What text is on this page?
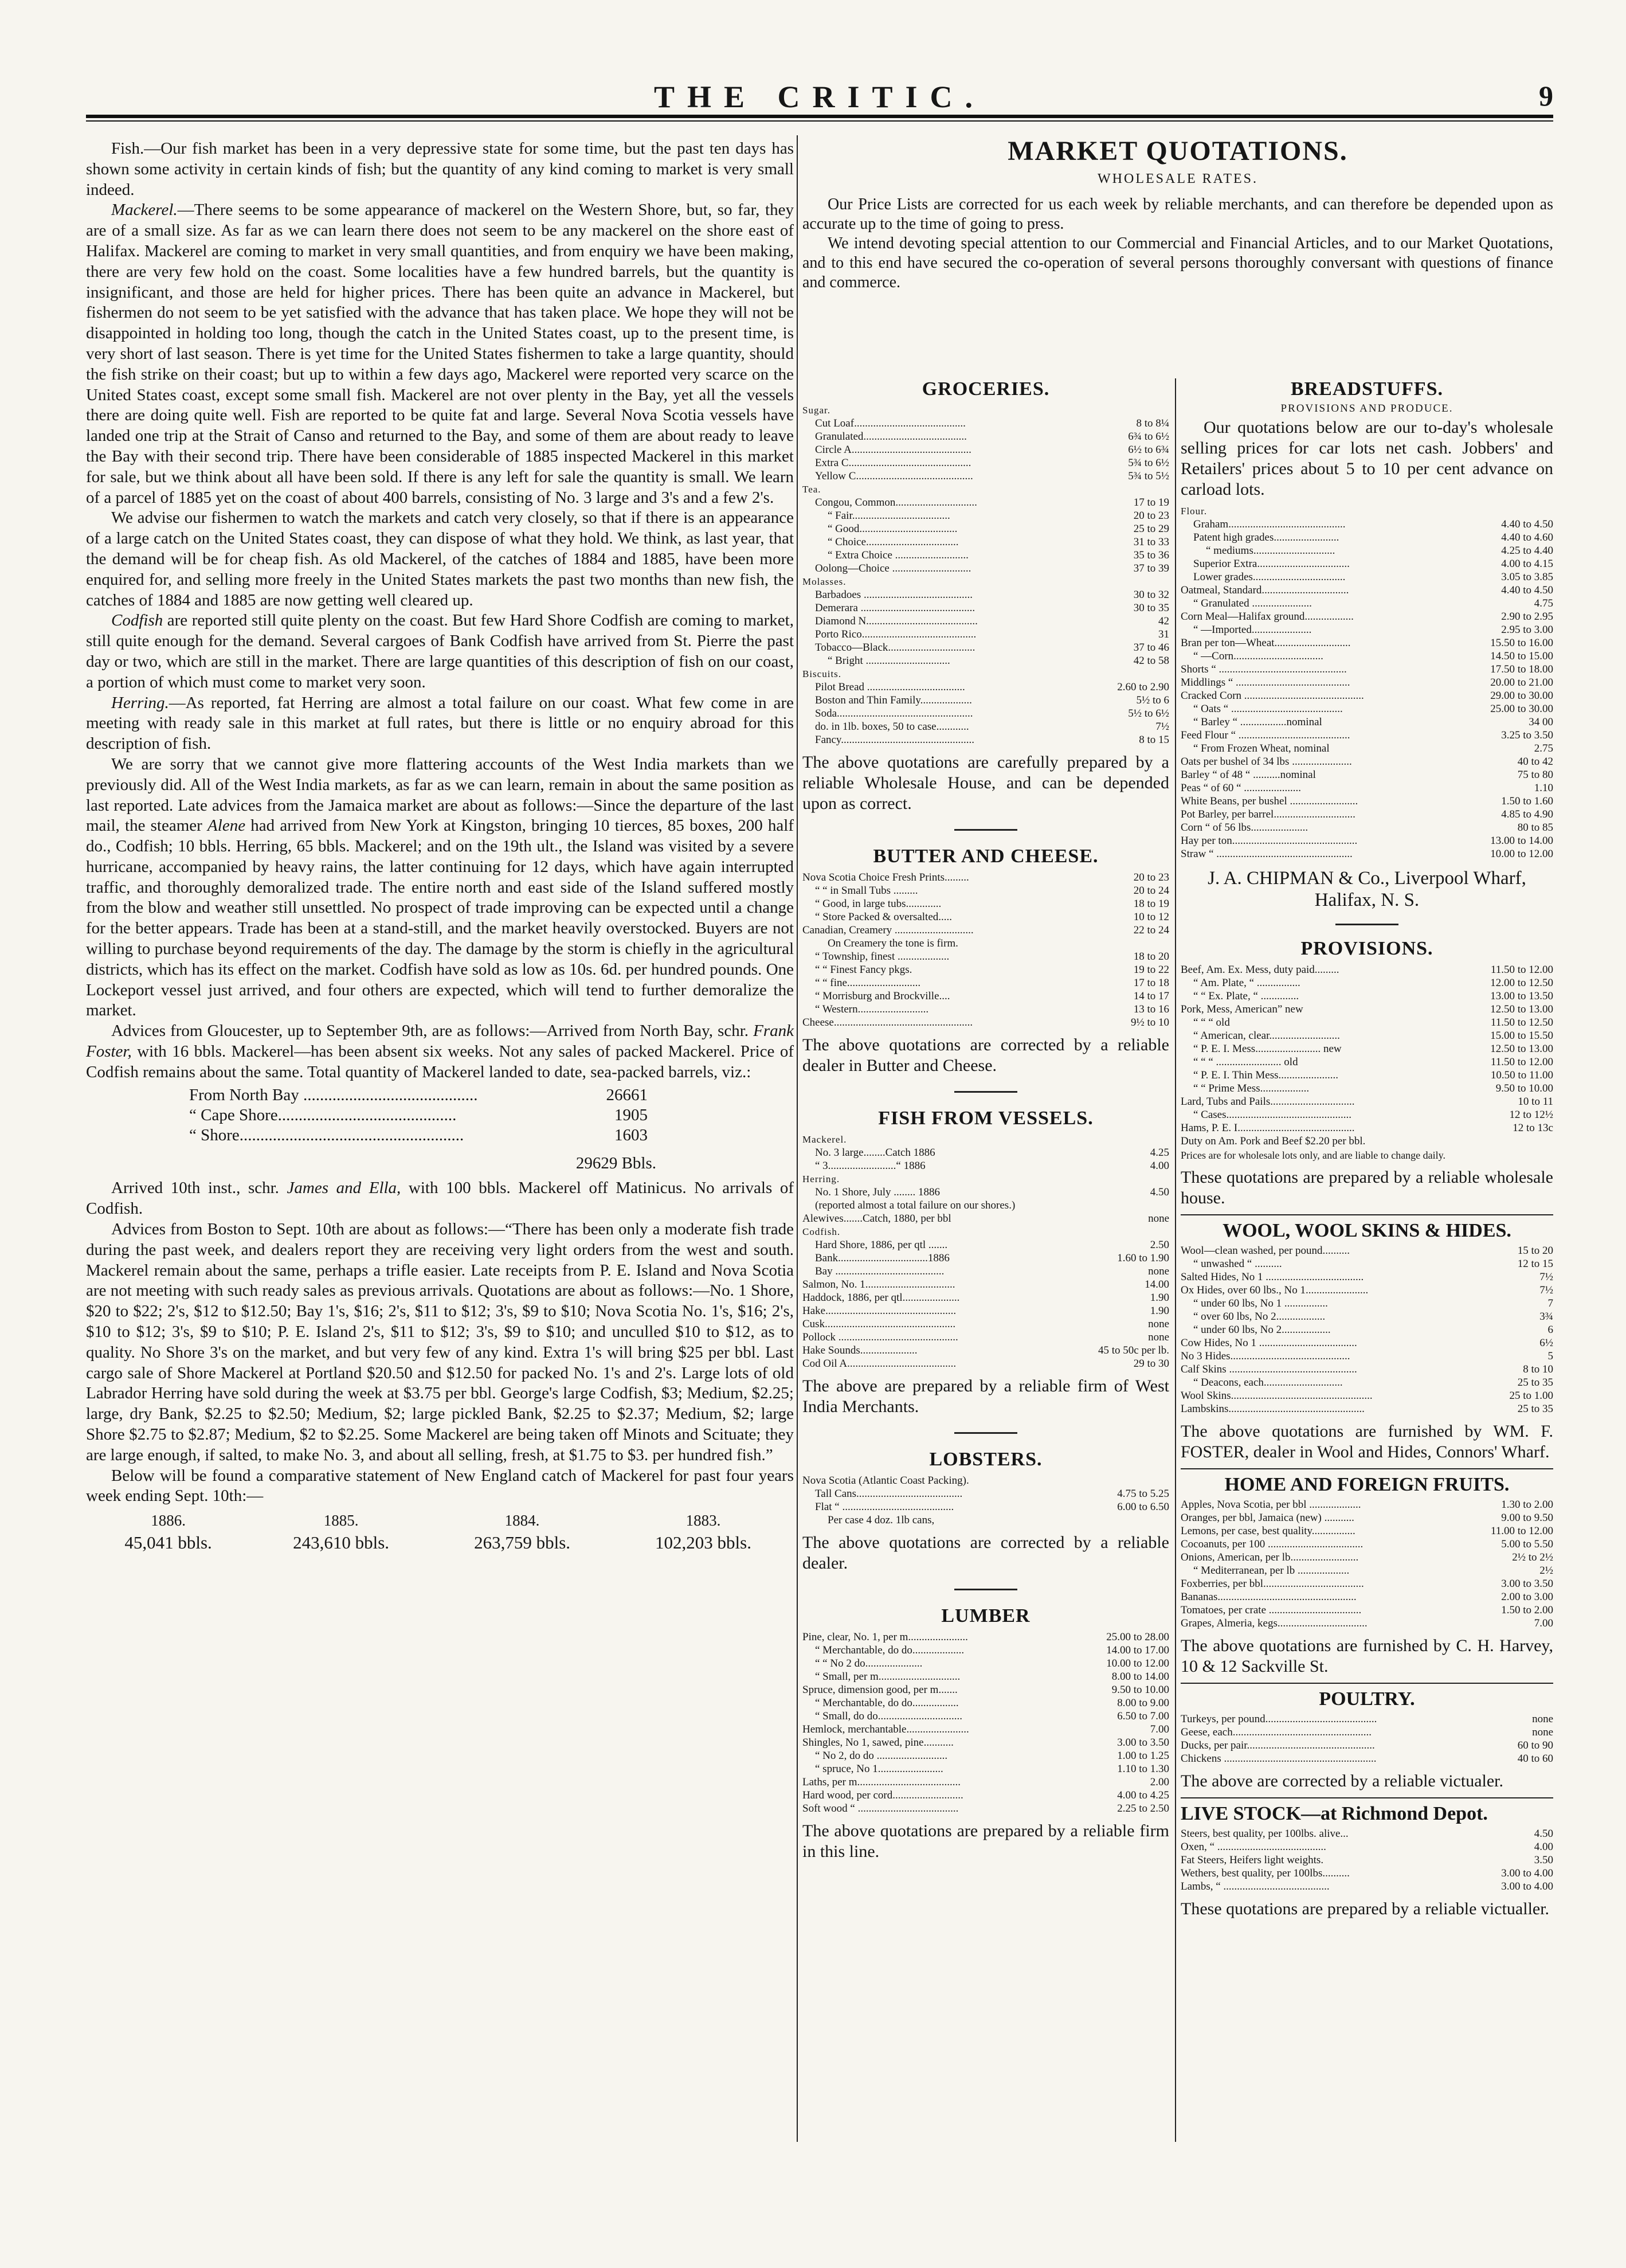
THE CRITIC.	9

Fish.—Our fish market has been in a very depressive state for some time, but the past ten days has shown some activity in certain kinds of fish; but the quantity of any kind coming to market is very small indeed.

Mackerel.—There seems to be some appearance of mackerel on the Western Shore, but, so far, they are of a small size. As far as we can learn there does not seem to be any mackerel on the shore east of Halifax. Mackerel are coming to market in very small quantities, and from enquiry we have been making, there are very few hold on the coast. Some localities have a few hundred barrels, but the quantity is insignificant, and those are held for higher prices. There has been quite an advance in Mackerel, but fishermen do not seem to be yet satisfied with the advance that has taken place. We hope they will not be disappointed in holding too long, though the catch in the United States coast, up to the present time, is very short of last season. There is yet time for the United States fishermen to take a large quantity, should the fish strike on their coast; but up to within a few days ago, Mackerel were reported very scarce on the United States coast, except some small fish. Mackerel are not over plenty in the Bay, yet all the vessels there are doing quite well. Fish are reported to be quite fat and large. Several Nova Scotia vessels have landed one trip at the Strait of Canso and returned to the Bay, and some of them are about ready to leave the Bay with their second trip. There have been considerable of 1885 inspected Mackerel in this market for sale, but we think about all have been sold. If there is any left for sale the quantity is small. We learn of a parcel of 1885 yet on the coast of about 400 barrels, consisting of No. 3 large and 3's and a few 2's.

We advise our fishermen to watch the markets and catch very closely, so that if there is an appearance of a large catch on the United States coast, they can dispose of what they hold. We think, as last year, that the demand will be for cheap fish. As old Mackerel, of the catches of 1884 and 1885, have been more enquired for, and selling more freely in the United States markets the past two months than new fish, the catches of 1884 and 1885 are now getting well cleared up.

Codfish are reported still quite plenty on the coast. But few Hard Shore Codfish are coming to market, still quite enough for the demand. Several cargoes of Bank Codfish have arrived from St. Pierre the past day or two, which are still in the market. There are large quantities of this description of fish on our coast, a portion of which must come to market very soon.

Herring.—As reported, fat Herring are almost a total failure on our coast. What few come in are meeting with ready sale in this market at full rates, but there is little or no enquiry abroad for this description of fish.

We are sorry that we cannot give more flattering accounts of the West India markets than we previously did. All of the West India markets, as far as we can learn, remain in about the same position as last reported. Late advices from the Jamaica market are about as follows:—Since the departure of the last mail, the steamer Alene had arrived from New York at Kingston, bringing 10 tierces, 85 boxes, 200 half do., Codfish; 10 bbls. Herring, 65 bbls. Mackerel; and on the 19th ult., the Island was visited by a severe hurricane, accompanied by heavy rains, the latter continuing for 12 days, which have again interrupted traffic, and thoroughly demoralized trade. The entire north and east side of the Island suffered mostly from the blow and weather still unsettled. No prospect of trade improving can be expected until a change for the better appears. Trade has been at a stand-still, and the market heavily overstocked. Buyers are not willing to purchase beyond requirements of the day. The damage by the storm is chiefly in the agricultural districts, which has its effect on the market. Codfish have sold as low as 10s. 6d. per hundred pounds. One Lockeport vessel just arrived, and four others are expected, which will tend to further demoralize the market.

Advices from Gloucester, up to September 9th, are as follows:—Arrived from North Bay, schr. Frank Foster, with 16 bbls. Mackerel—has been absent six weeks. Not any sales of packed Mackerel. Price of Codfish remains about the same. Total quantity of Mackerel landed to date, sea-packed barrels, viz.:

From North Bay ..........................................	26661
“ Cape Shore...........................................	1905
“ Shore......................................................	1603
29629 Bbls.

Arrived 10th inst., schr. James and Ella, with 100 bbls. Mackerel off Matinicus. No arrivals of Codfish.

Advices from Boston to Sept. 10th are about as follows:—“There has been only a moderate fish trade during the past week, and dealers report they are receiving very light orders from the west and south. Mackerel remain about the same, perhaps a trifle easier. Late receipts from P. E. Island and Nova Scotia are not meeting with such ready sales as previous arrivals. Quotations are about as follows:—No. 1 Shore, $20 to $22; 2's, $12 to $12.50; Bay 1's, $16; 2's, $11 to $12; 3's, $9 to $10; Nova Scotia No. 1's, $16; 2's, $10 to $12; 3's, $9 to $10; P. E. Island 2's, $11 to $12; 3's, $9 to $10; and unculled $10 to $12, as to quality. No Shore 3's on the market, and but very few of any kind. Extra 1's will bring $25 per bbl. Last cargo sale of Shore Mackerel at Portland $20.50 and $12.50 for packed No. 1's and 2's. Large lots of old Labrador Herring have sold during the week at $3.75 per bbl. George's large Codfish, $3; Medium, $2.25; large, dry Bank, $2.25 to $2.50; Medium, $2; large pickled Bank, $2.25 to $2.37; Medium, $2; large Shore $2.75 to $2.87; Medium, $2 to $2.25. Some Mackerel are being taken off Minots and Scituate; they are large enough, if salted, to make No. 3, and about all selling, fresh, at $1.75 to $3. per hundred fish.”

Below will be found a comparative statement of New England catch of Mackerel for past four years week ending Sept. 10th:—

1886.	1885.	1884.	1883.
45,041 bbls.	243,610 bbls.	263,759 bbls.	102,203 bbls.
MARKET QUOTATIONS.
WHOLESALE RATES.

Our Price Lists are corrected for us each week by reliable merchants, and can therefore be depended upon as accurate up to the time of going to press.

We intend devoting special attention to our Commercial and Financial Articles, and to our Market Quotations, and to this end have secured the co-operation of several persons thoroughly conversant with questions of finance and commerce.

GROCERIES.
Sugar.	
Cut Loaf.........................................	8 to 8¼
Granulated......................................	6¾ to 6½
Circle A............................................	6½ to 6¾
Extra C.............................................	5¾ to 6½
Yellow C...........................................	5¾ to 5½
Tea.	
Congou, Common..............................	17 to 19
“ Fair....................................	20 to 23
“ Good....................................	25 to 29
“ Choice..................................	31 to 33
“ Extra Choice ...........................	35 to 36
Oolong—Choice .............................	37 to 39
Molasses.	
Barbadoes ........................................	30 to 32
Demerara ..........................................	30 to 35
Diamond N.........................................	42
Porto Rico..........................................	31
Tobacco—Black................................	37 to 46
“ Bright ...............................	42 to 58
Biscuits.	
Pilot Bread ....................................	2.60 to 2.90
Boston and Thin Family...................	5½ to 6
Soda..................................................	5½ to 6½
do. in 1lb. boxes, 50 to case............	7½
Fancy.................................................	8 to 15

The above quotations are carefully prepared by a reliable Wholesale House, and can be depended upon as correct.

BUTTER AND CHEESE.
Nova Scotia Choice Fresh Prints.........	20 to 23
“ “ in Small Tubs .........	20 to 24
“ Good, in large tubs.............	18 to 19
“ Store Packed & oversalted.....	10 to 12
Canadian, Creamery .............................	22 to 24
On Creamery the tone is firm.	
“ Township, finest ...................	18 to 20
“ “ Finest Fancy pkgs.	19 to 22
“ “ fine...........................	17 to 18
“ Morrisburg and Brockville....	14 to 17
“ Western..........................	13 to 16
Cheese...................................................	9½ to 10

The above quotations are corrected by a reliable dealer in Butter and Cheese.

FISH FROM VESSELS.
Mackerel.	
No. 3 large........Catch 1886	4.25
“ 3.........................“ 1886	4.00
Herring.	
No. 1 Shore, July ........ 1886	4.50
(reported almost a total failure on our shores.)	
Alewives.......Catch, 1880, per bbl	none
Codfish.	
Hard Shore, 1886, per qtl .......	2.50
Bank.................................1886	1.60 to 1.90
Bay ........................................	none
Salmon, No. 1.................................	14.00
Haddock, 1886, per qtl.....................	1.90
Hake................................................	1.90
Cusk................................................	none
Pollock ............................................	none
Hake Sounds.....................	45 to 50c per lb.
Cod Oil A........................................	29 to 30

The above are prepared by a reliable firm of West India Merchants.

LOBSTERS.
Nova Scotia (Atlantic Coast Packing).	
Tall Cans.......................................	4.75 to 5.25
Flat “ .........................................	6.00 to 6.50
Per case 4 doz. 1lb cans,	

The above quotations are corrected by a reliable dealer.

LUMBER
Pine, clear, No. 1, per m......................	25.00 to 28.00
“ Merchantable, do do...................	14.00 to 17.00
“ “ No 2 do.....................	10.00 to 12.00
“ Small, per m..............................	8.00 to 14.00
Spruce, dimension good, per m.......	9.50 to 10.00
“ Merchantable, do do.................	8.00 to 9.00
“ Small, do do...............................	6.50 to 7.00
Hemlock, merchantable.......................	7.00
Shingles, No 1, sawed, pine...........	3.00 to 3.50
“ No 2, do do ..........................	1.00 to 1.25
“ spruce, No 1........................	1.10 to 1.30
Laths, per m......................................	2.00
Hard wood, per cord..........................	4.00 to 4.25
Soft wood “ .....................................	2.25 to 2.50

The above quotations are prepared by a reliable firm in this line.

BREADSTUFFS.
PROVISIONS AND PRODUCE.

Our quotations below are our to-day's wholesale selling prices for car lots net cash. Jobbers' and Retailers' prices about 5 to 10 per cent advance on carload lots.

Flour.	
Graham...........................................	4.40 to 4.50
Patent high grades........................	4.40 to 4.60
“ mediums..............................	4.25 to 4.40
Superior Extra..................................	4.00 to 4.15
Lower grades..................................	3.05 to 3.85
Oatmeal, Standard................................	4.40 to 4.50
“ Granulated ......................	4.75
Corn Meal—Halifax ground..................	2.90 to 2.95
“ —Imported......................	2.95 to 3.00
Bran per ton—Wheat............................	15.50 to 16.00
“ —Corn.................................	14.50 to 15.00
Shorts “ ...............................................	17.50 to 18.00
Middlings “ ..........................................	20.00 to 21.00
Cracked Corn ............................................	29.00 to 30.00
“ Oats “ .........................................	25.00 to 30.00
“ Barley “ .................nominal	34 00
Feed Flour “ .........................................	3.25 to 3.50
“ From Frozen Wheat, nominal	2.75
Oats per bushel of 34 lbs ......................	40 to 42
Barley “ of 48 “ ..........nominal	75 to 80
Peas “ of 60 “ .....................	1.10
White Beans, per bushel .........................	1.50 to 1.60
Pot Barley, per barrel..............................	4.85 to 4.90
Corn “ of 56 lbs.....................	80 to 85
Hay per ton..............................................	13.00 to 14.00
Straw “ ..................................................	10.00 to 12.00
J. A. CHIPMAN & Co., Liverpool Wharf, Halifax, N. S.
PROVISIONS.
Beef, Am. Ex. Mess, duty paid.........	11.50 to 12.00
“ Am. Plate, “ ................	12.00 to 12.50
“ “ Ex. Plate, “ ..............	13.00 to 13.50
Pork, Mess, American” new	12.50 to 13.00
“ “ “ old	11.50 to 12.50
“ American, clear..........................	15.00 to 15.50
“ P. E. I. Mess........................ new	12.50 to 13.00
“ “ “ ........................ old	11.50 to 12.00
“ P. E. I. Thin Mess......................	10.50 to 11.00
“ “ Prime Mess..................	9.50 to 10.00
Lard, Tubs and Pails...............................	10 to 11
“ Cases..............................................	12 to 12½
Hams, P. E. I...........................................	12 to 13c
Duty on Am. Pork and Beef $2.20 per bbl.	

Prices are for wholesale lots only, and are liable to change daily.

These quotations are prepared by a reliable wholesale house.

WOOL, WOOL SKINS & HIDES.
Wool—clean washed, per pound..........	15 to 20
“ unwashed “ ..........	12 to 15
Salted Hides, No 1 ....................................	7½
Ox Hides, over 60 lbs., No 1.......................	7½
“ under 60 lbs, No 1 ................	7
“ over 60 lbs, No 2..................	3¾
“ under 60 lbs, No 2..................	6
Cow Hides, No 1 ....................................	6½
No 3 Hides............................................	5
Calf Skins ...............................................	8 to 10
“ Deacons, each.............................	25 to 35
Wool Skins....................................................	25 to 1.00
Lambskins..................................................	25 to 35

The above quotations are furnished by WM. F. FOSTER, dealer in Wool and Hides, Connors' Wharf.

HOME AND FOREIGN FRUITS.
Apples, Nova Scotia, per bbl ...................	1.30 to 2.00
Oranges, per bbl, Jamaica (new) ...........	9.00 to 9.50
Lemons, per case, best quality................	11.00 to 12.00
Cocoanuts, per 100 ...................................	5.00 to 5.50
Onions, American, per lb.........................	2½ to 2½
“ Mediterranean, per lb ...................	2½
Foxberries, per bbl.....................................	3.00 to 3.50
Bananas...................................................	2.00 to 3.00
Tomatoes, per crate ..................................	1.50 to 2.00
Grapes, Almeria, kegs.................................	7.00

The above quotations are furnished by C. H. Harvey, 10 & 12 Sackville St.

POULTRY.
Turkeys, per pound.........................................	none
Geese, each...................................................	none
Ducks, per pair...............................................	60 to 90
Chickens ........................................................	40 to 60

The above are corrected by a reliable victualer.

LIVE STOCK—at Richmond Depot.
Steers, best quality, per 100lbs. alive...	4.50
Oxen, “ ........................................	4.00
Fat Steers, Heifers light weights.	3.50
Wethers, best quality, per 100lbs..........	3.00 to 4.00
Lambs, “ .......................................	3.00 to 4.00

These quotations are prepared by a reliable victualler.
